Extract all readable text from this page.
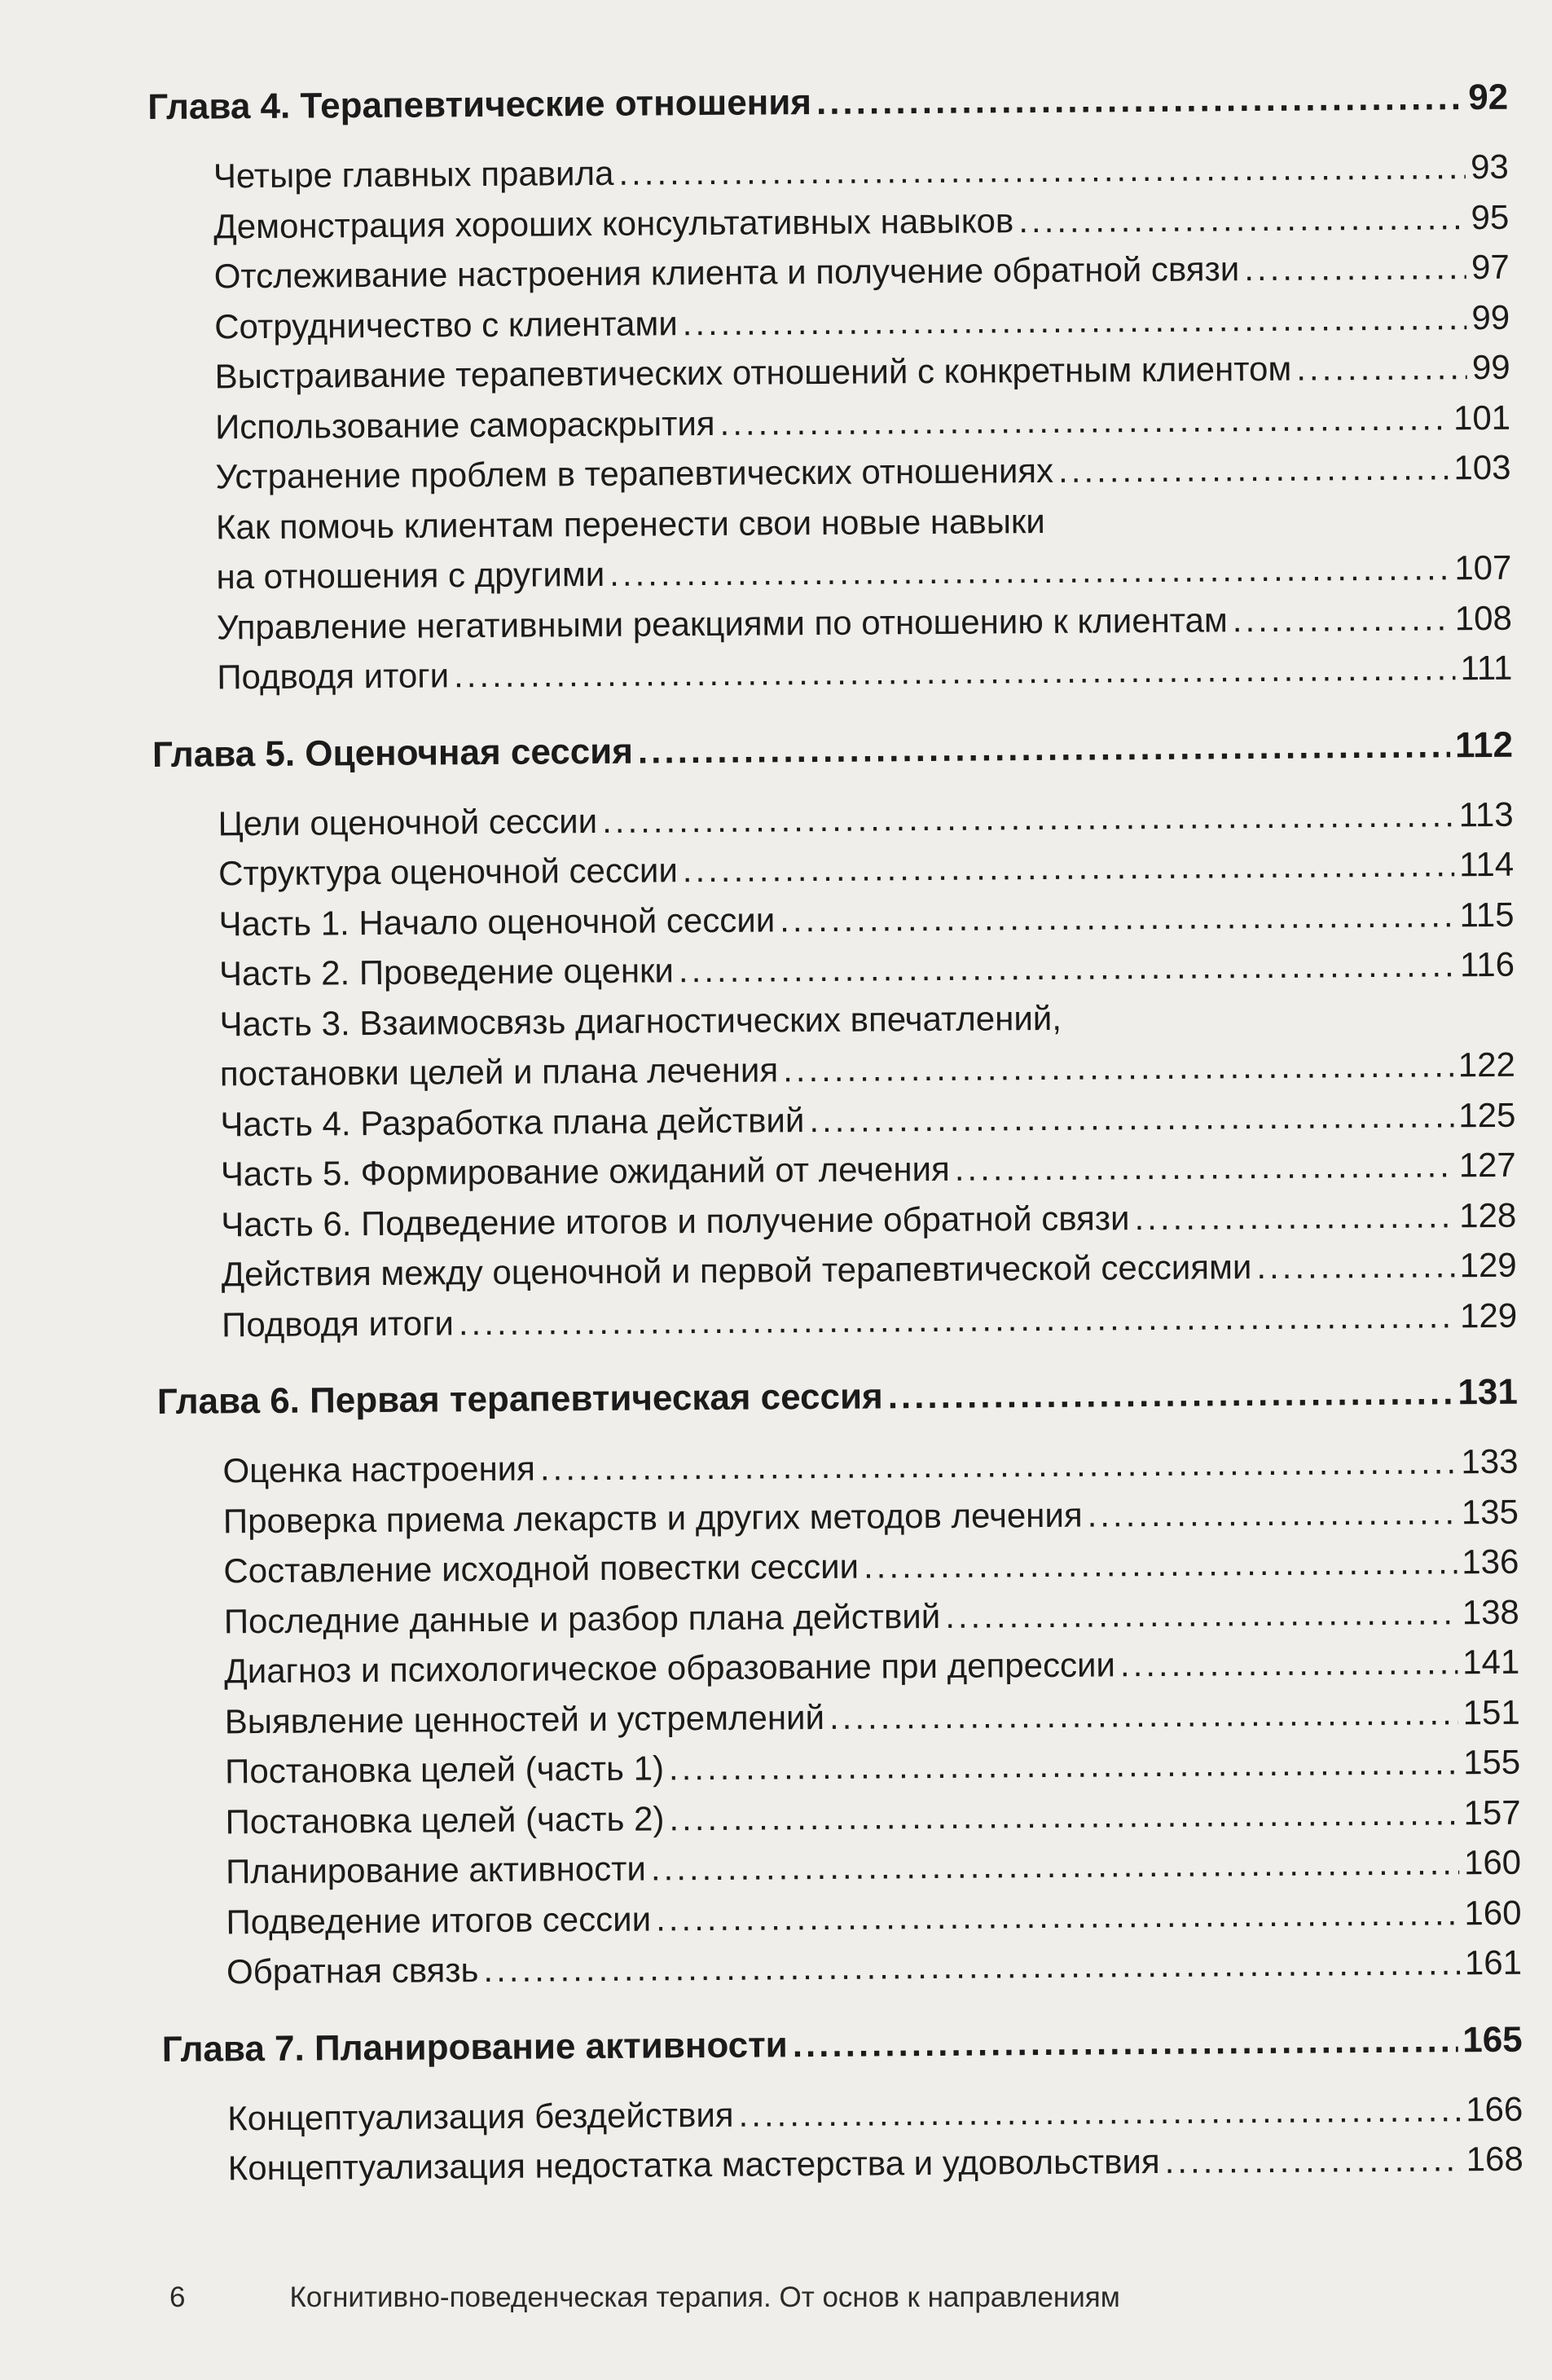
Глава 4. Терапевтические отношения .....	92
Четыре главных правила .....	93
Демонстрация хороших консультативных навыков .....	95
Отслеживание настроения клиента и получение обратной связи .....	97
Сотрудничество с клиентами .....	99
Выстраивание терапевтических отношений с конкретным клиентом .....	99
Использование самораскрытия .....	101
Устранение проблем в терапевтических отношениях .....	103
Как помочь клиентам перенести свои новые навыки
на отношения с другими .....	107
Управление негативными реакциями по отношению к клиентам .....	108
Подводя итоги .....	111
Глава 5. Оценочная сессия .....	112
Цели оценочной сессии .....	113
Структура оценочной сессии .....	114
Часть 1. Начало оценочной сессии .....	115
Часть 2. Проведение оценки .....	116
Часть 3. Взаимосвязь диагностических впечатлений,
постановки целей и плана лечения .....	122
Часть 4. Разработка плана действий .....	125
Часть 5. Формирование ожиданий от лечения .....	127
Часть 6. Подведение итогов и получение обратной связи .....	128
Действия между оценочной и первой терапевтической сессиями .....	129
Подводя итоги .....	129
Глава 6. Первая терапевтическая сессия .....	131
Оценка настроения .....	133
Проверка приема лекарств и других методов лечения .....	135
Составление исходной повестки сессии .....	136
Последние данные и разбор плана действий .....	138
Диагноз и психологическое образование при депрессии .....	141
Выявление ценностей и устремлений .....	151
Постановка целей (часть 1) .....	155
Постановка целей (часть 2) .....	157
Планирование активности .....	160
Подведение итогов сессии .....	160
Обратная связь .....	161
Глава 7. Планирование активности .....	165
Концептуализация бездействия .....	166
Концептуализация недостатка мастерства и удовольствия .....	168
6	Когнитивно-поведенческая терапия. От основ к направлениям
